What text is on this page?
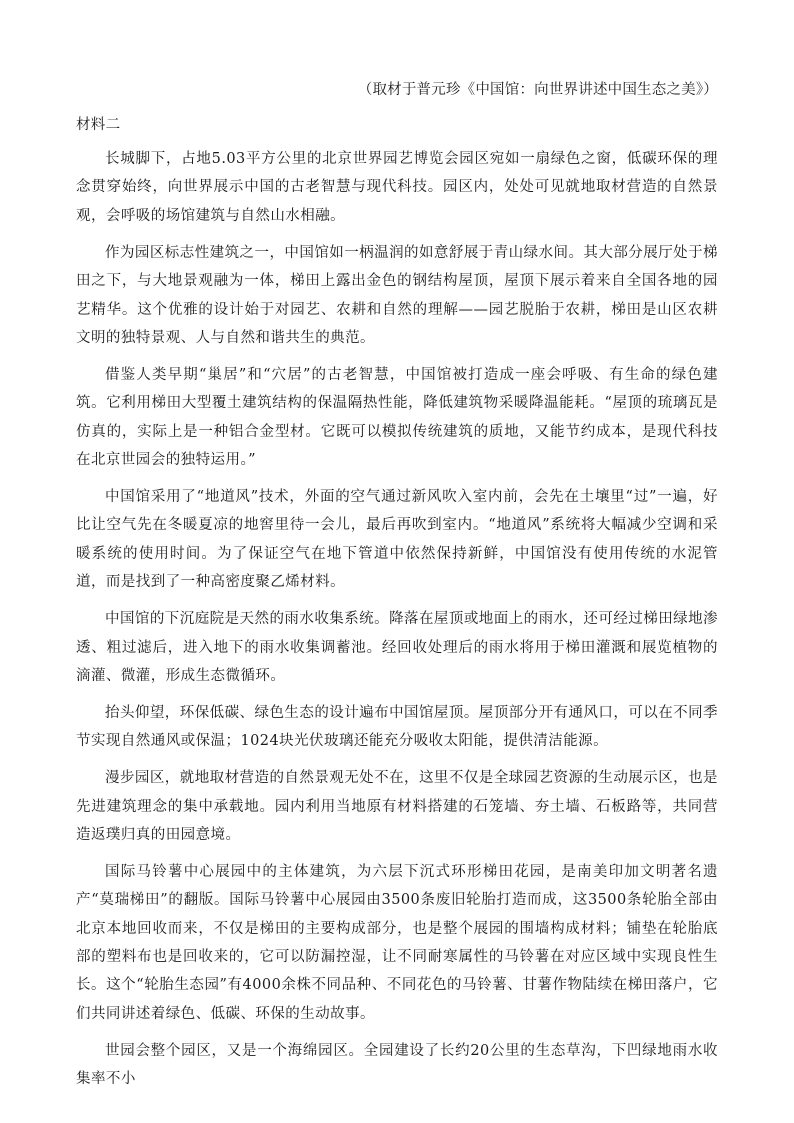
（取材于普元珍《中国馆：向世界讲述中国生态之美》）
材料二

长城脚下，占地5.03平方公里的北京世界园艺博览会园区宛如一扇绿色之窗，低碳环保的理念贯穿始终，向世界展示中国的古老智慧与现代科技。园区内，处处可见就地取材营造的自然景观，会呼吸的场馆建筑与自然山水相融。

作为园区标志性建筑之一，中国馆如一柄温润的如意舒展于青山绿水间。其大部分展厅处于梯田之下，与大地景观融为一体，梯田上露出金色的钢结构屋顶，屋顶下展示着来自全国各地的园艺精华。这个优雅的设计始于对园艺、农耕和自然的理解——园艺脱胎于农耕，梯田是山区农耕文明的独特景观、人与自然和谐共生的典范。

借鉴人类早期“巢居”和“穴居”的古老智慧，中国馆被打造成一座会呼吸、有生命的绿色建筑。它利用梯田大型覆土建筑结构的保温隔热性能，降低建筑物采暖降温能耗。“屋顶的琉璃瓦是仿真的，实际上是一种铝合金型材。它既可以模拟传统建筑的质地，又能节约成本，是现代科技在北京世园会的独特运用。”

中国馆采用了“地道风”技术，外面的空气通过新风吹入室内前，会先在土壤里“过”一遍，好比让空气先在冬暖夏凉的地窖里待一会儿，最后再吹到室内。“地道风”系统将大幅减少空调和采暖系统的使用时间。为了保证空气在地下管道中依然保持新鲜，中国馆没有使用传统的水泥管道，而是找到了一种高密度聚乙烯材料。

中国馆的下沉庭院是天然的雨水收集系统。降落在屋顶或地面上的雨水，还可经过梯田绿地渗透、粗过滤后，进入地下的雨水收集调蓄池。经回收处理后的雨水将用于梯田灌溉和展览植物的滴灌、微灌，形成生态微循环。

抬头仰望，环保低碳、绿色生态的设计遍布中国馆屋顶。屋顶部分开有通风口，可以在不同季节实现自然通风或保温；1024块光伏玻璃还能充分吸收太阳能，提供清洁能源。

漫步园区，就地取材营造的自然景观无处不在，这里不仅是全球园艺资源的生动展示区，也是先进建筑理念的集中承载地。园内利用当地原有材料搭建的石笼墙、夯土墙、石板路等，共同营造返璞归真的田园意境。

国际马铃薯中心展园中的主体建筑，为六层下沉式环形梯田花园，是南美印加文明著名遗产“莫瑞梯田”的翻版。国际马铃薯中心展园由3500条废旧轮胎打造而成，这3500条轮胎全部由北京本地回收而来，不仅是梯田的主要构成部分，也是整个展园的围墙构成材料；铺垫在轮胎底部的塑料布也是回收来的，它可以防漏控湿，让不同耐寒属性的马铃薯在对应区域中实现良性生长。这个“轮胎生态园”有4000余株不同品种、不同花色的马铃薯、甘薯作物陆续在梯田落户，它们共同讲述着绿色、低碳、环保的生动故事。

世园会整个园区，又是一个海绵园区。全园建设了长约20公里的生态草沟，下凹绿地雨水收集率不小
